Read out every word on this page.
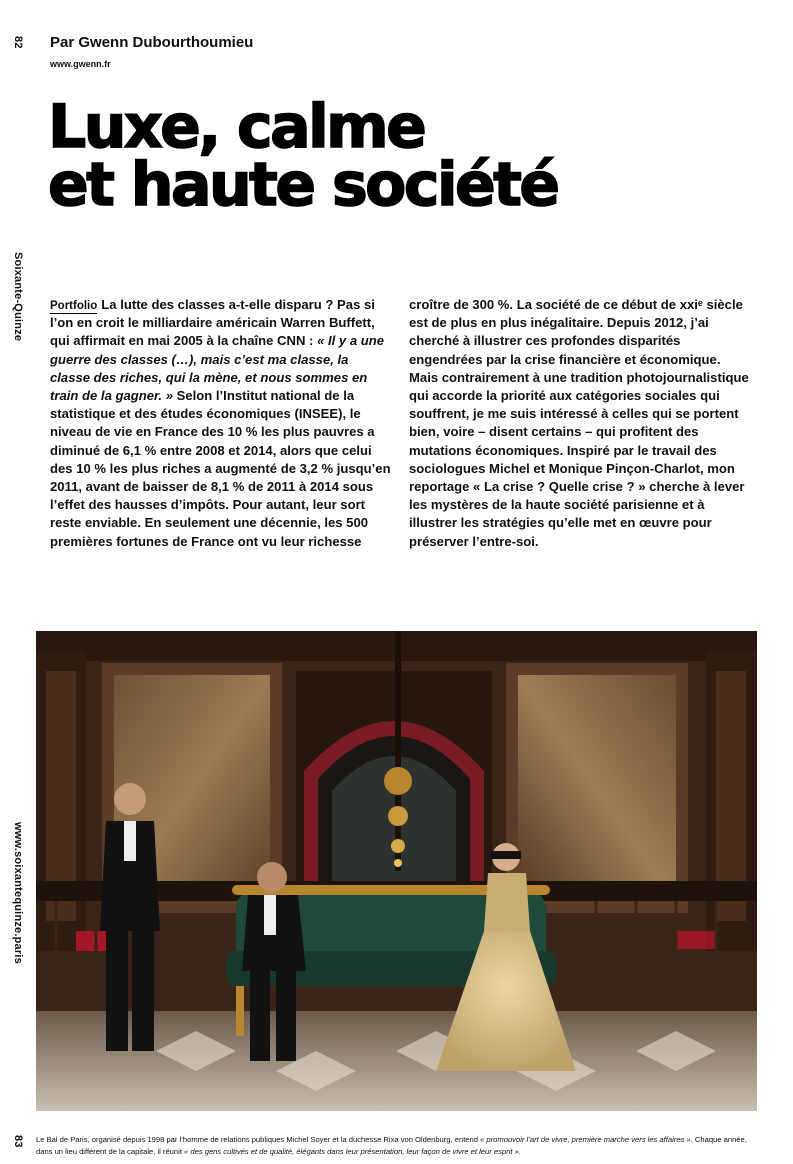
82
Soixante-Quinze
www.soixantequinze.paris
83
Par Gwenn Dubourthoumieu
www.gwenn.fr
Luxe, calme
et haute société

Portfolio La lutte des classes a-t-elle disparu ? Pas si l’on en croit le milliardaire américain Warren Buffett, qui affirmait en mai 2005 à la chaîne CNN : « Il y a une guerre des classes (…), mais c’est ma classe, la classe des riches, qui la mène, et nous sommes en train de la gagner. » Selon l’Institut national de la statistique et des études économiques (INSEE), le niveau de vie en France des 10 % les plus pauvres a diminué de 6,1 % entre 2008 et 2014, alors que celui des 10 % les plus riches a augmenté de 3,2 % jusqu’en 2011, avant de baisser de 8,1 % de 2011 à 2014 sous l’effet des hausses d’impôts. Pour autant, leur sort reste enviable. En seulement une décennie, les 500 premières fortunes de France ont vu leur richesse croître de 300 %. La société de ce début de xxiᵉ siècle est de plus en plus inégalitaire. Depuis 2012, j’ai cherché à illustrer ces profondes disparités engendrées par la crise financière et économique. Mais contrairement à une tradition photojournalistique qui accorde la priorité aux catégories sociales qui souffrent, je me suis intéressé à celles qui se portent bien, voire – disent certains – qui profitent des mutations économiques. Inspiré par le travail des sociologues Michel et Monique Pinçon-Charlot, mon reportage « La crise ? Quelle crise ? » cherche à lever les mystères de la haute société parisienne et à illustrer les stratégies qu’elle met en œuvre pour préserver l’entre-soi.

Le Bal de Paris, organisé depuis 1998 par l’homme de relations publiques Michel Soyer et la duchesse Rixa von Oldenburg, entend « promouvoir l’art de vivre, première marche vers les affaires ». Chaque année, dans un lieu différent de la capitale, il réunit « des gens cultivés et de qualité, élégants dans leur présentation, leur façon de vivre et leur esprit ».
